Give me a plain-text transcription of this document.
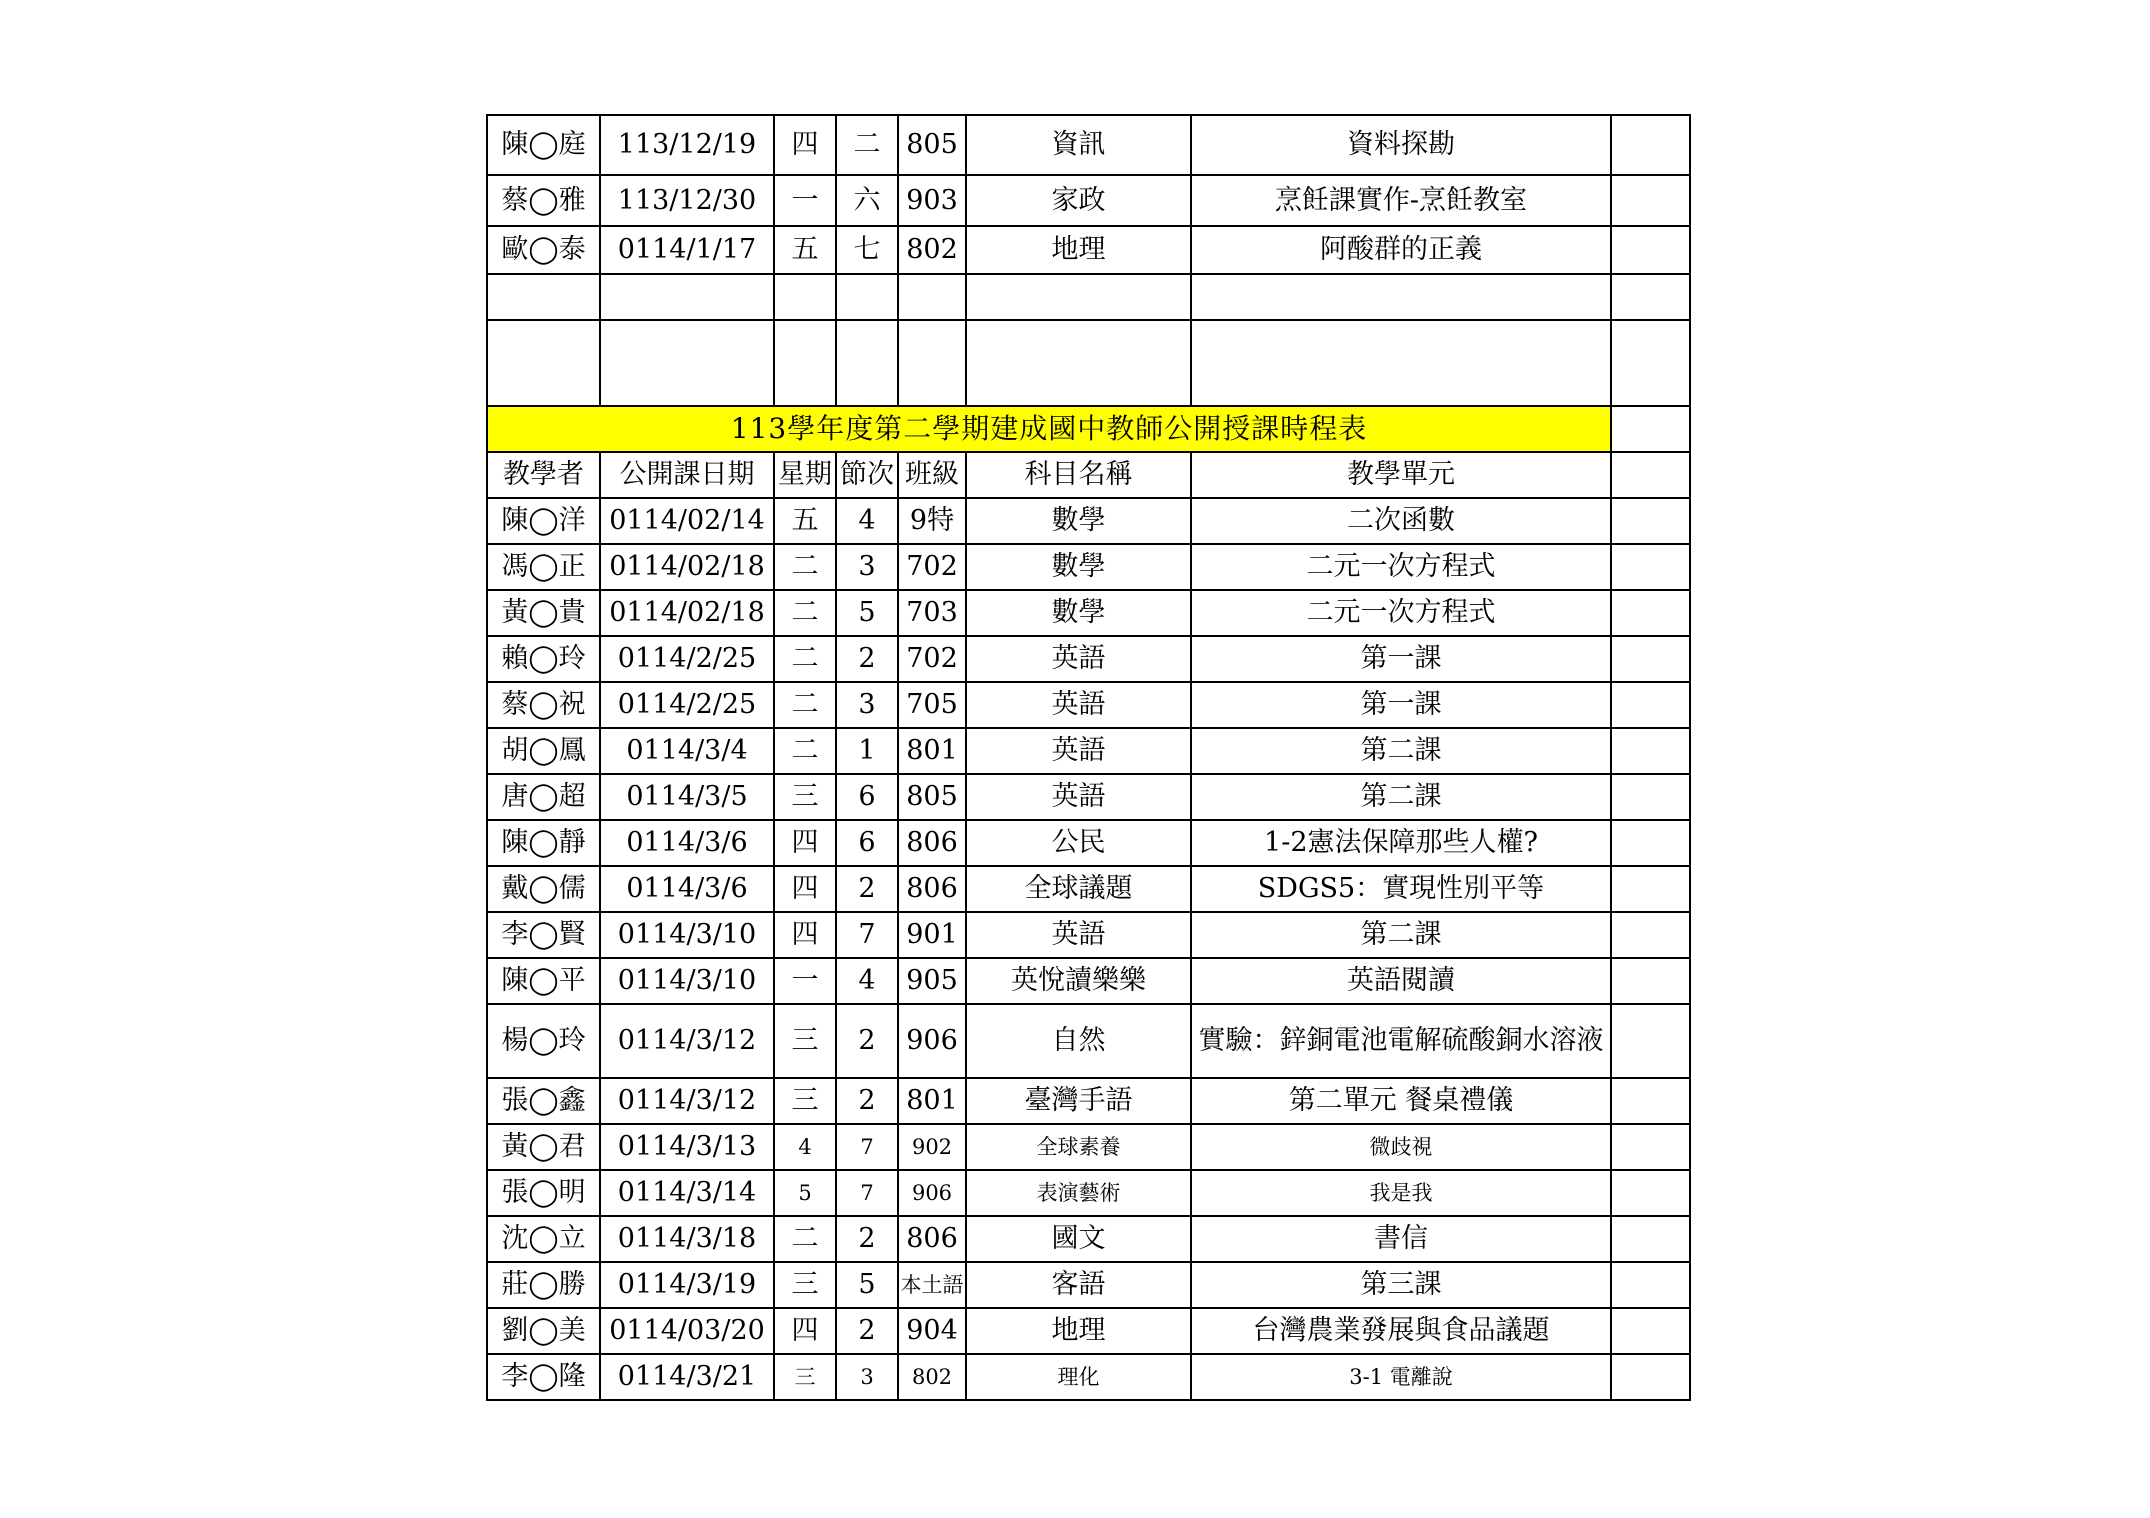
陳◯庭	113/12/19	四	二	805	資訊	資料探勘	
蔡◯雅	113/12/30	一	六	903	家政	烹飪課實作-烹飪教室	
歐◯泰	0114/1/17	五	七	802	地理	阿酸群的正義	

113學年度第二學期建成國中教師公開授課時程表							
教學者	公開課日期	星期	節次	班級	科目名稱	教學單元	
陳◯洋	0114/02/14	五	4	9特	數學	二次函數	
馮◯正	0114/02/18	二	3	702	數學	二元一次方程式	
黃◯貴	0114/02/18	二	5	703	數學	二元一次方程式	
賴◯玲	0114/2/25	二	2	702	英語	第一課	
蔡◯祝	0114/2/25	二	3	705	英語	第一課	
胡◯鳳	0114/3/4	二	1	801	英語	第二課	
唐◯超	0114/3/5	三	6	805	英語	第二課	
陳◯靜	0114/3/6	四	6	806	公民	1-2憲法保障那些人權?	
戴◯儒	0114/3/6	四	2	806	全球議題	SDGS5：實現性別平等	
李◯賢	0114/3/10	四	7	901	英語	第二課	
陳◯平	0114/3/10	一	4	905	英悅讀樂樂	英語閱讀	
楊◯玲	0114/3/12	三	2	906	自然	實驗：鋅銅電池電解硫酸銅水溶液	
張◯鑫	0114/3/12	三	2	801	臺灣手語	第二單元 餐桌禮儀	
黃◯君	0114/3/13	4	7	902	全球素養	微歧視	
張◯明	0114/3/14	5	7	906	表演藝術	我是我	
沈◯立	0114/3/18	二	2	806	國文	書信	
莊◯勝	0114/3/19	三	5	本土語	客語	第三課	
劉◯美	0114/03/20	四	2	904	地理	台灣農業發展與食品議題	
李◯隆	0114/3/21	三	3	802	理化	3-1 電離說	
